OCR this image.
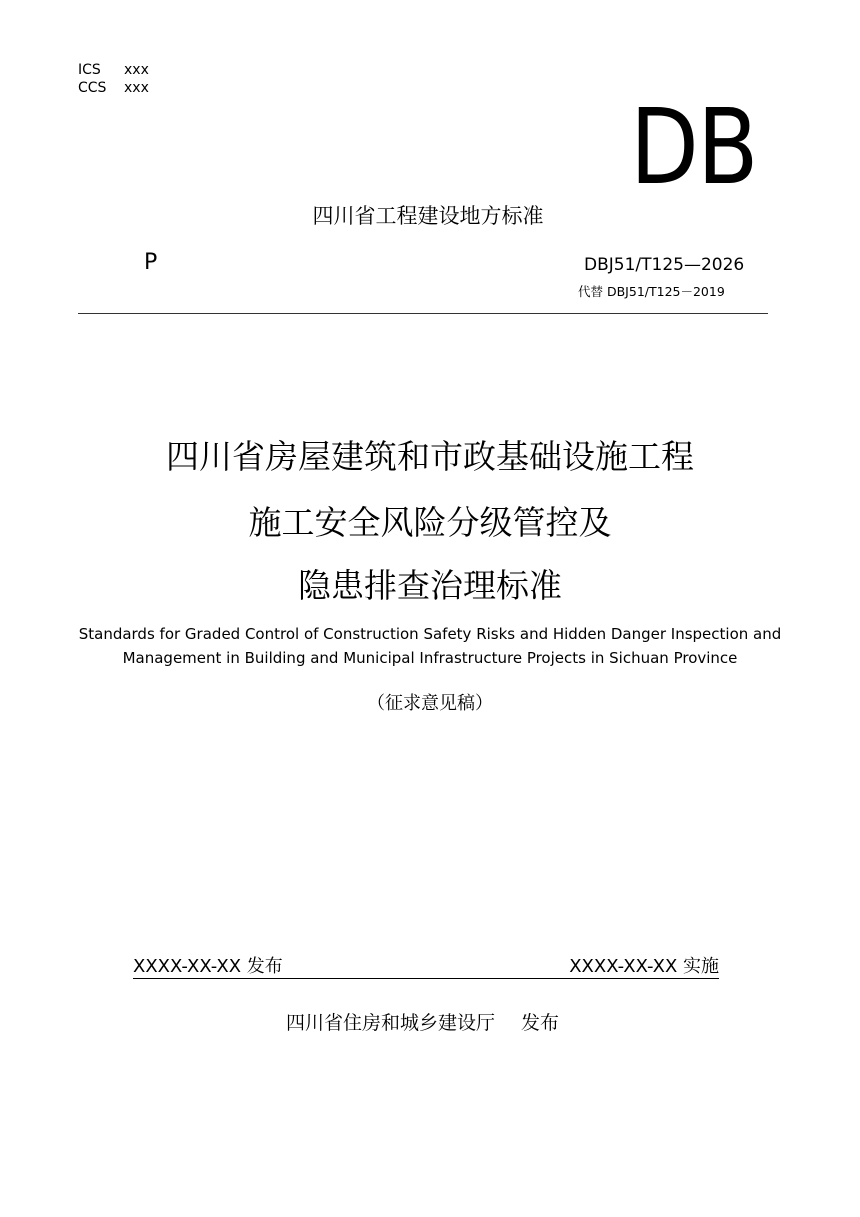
ICS xxx
CCS xxx	DB
四川省工程建设地方标准
P	DBJ51/T125—2026
代替 DBJ51/T125－2019
四川省房屋建筑和市政基础设施工程
施工安全风险分级管控及
隐患排查治理标准
Standards for Graded Control of Construction Safety Risks and Hidden Danger Inspection and
Management in Building and Municipal Infrastructure Projects in Sichuan Province
（征求意见稿）
XXXX-XX-XX 发布	XXXX-XX-XX 实施
四川省住房和城乡建设厅 发布
